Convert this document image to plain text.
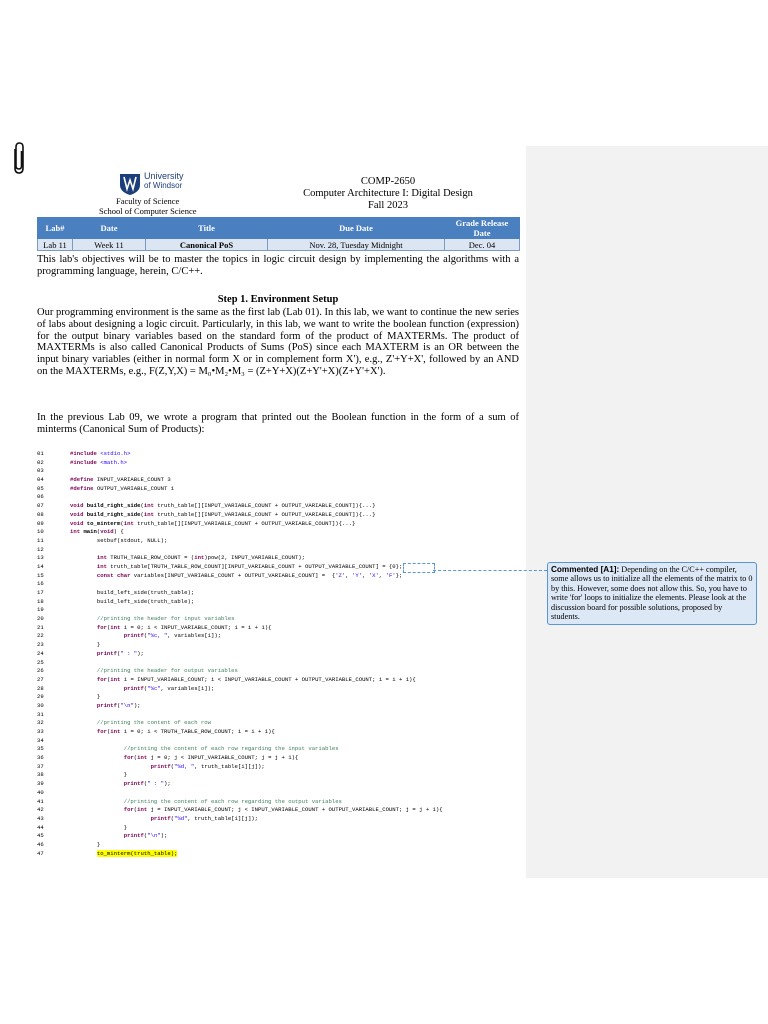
University
of Windsor
Faculty of Science
School of Computer Science
COMP-2650
Computer Architecture I: Digital Design
Fall 2023
Lab#	Date	Title	Due Date	Grade Release Date
Lab 11	Week 11	Canonical PoS	Nov. 28, Tuesday Midnight	Dec. 04

This lab's objectives will be to master the topics in logic circuit design by implementing the algorithms with a programming language, herein, C/C++.

Step 1. Environment Setup

Our programming environment is the same as the first lab (Lab 01). In this lab, we want to continue the new series of labs about designing a logic circuit. Particularly, in this lab, we want to write the boolean function (expression) for the output binary variables based on the standard form of the product of MAXTERMs. The product of MAXTERMs is also called Canonical Products of Sums (PoS) since each MAXTERM is an OR between the input binary variables (either in normal form X or in complement form X'), e.g., Z'+Y+X', followed by an AND on the MAXTERMs, e.g., F(Z,Y,X) = M₀•M₂•M₃ = (Z+Y+X)(Z+Y'+X)(Z+Y'+X').

In the previous Lab 09, we wrote a program that printed out the Boolean function in the form of a sum of minterms (Canonical Sum of Products):

01	#include <stdio.h>
02	#include <math.h>
03
04	#define INPUT_VARIABLE_COUNT 3
05	#define OUTPUT_VARIABLE_COUNT 1
06
07	void build_right_side(int truth_table[][INPUT_VARIABLE_COUNT + OUTPUT_VARIABLE_COUNT]){...}
08	void build_right_side(int truth_table[][INPUT_VARIABLE_COUNT + OUTPUT_VARIABLE_COUNT]){...}
09	void to_minterm(int truth_table[][INPUT_VARIABLE_COUNT + OUTPUT_VARIABLE_COUNT]){...}
10	int main(void) {
11	setbuf(stdout, NULL);
12
13	int TRUTH_TABLE_ROW_COUNT = (int)pow(2, INPUT_VARIABLE_COUNT);
14	int truth_table[TRUTH_TABLE_ROW_COUNT][INPUT_VARIABLE_COUNT + OUTPUT_VARIABLE_COUNT] = {0};
15	const char variables[INPUT_VARIABLE_COUNT + OUTPUT_VARIABLE_COUNT] =  {'Z', 'Y', 'X', 'F'};
16
17	build_left_side(truth_table);
18	build_left_side(truth_table);
19
20	//printing the header for input variables
21	for(int i = 0; i < INPUT_VARIABLE_COUNT; i = i + 1){
22	printf("%c, ", variables[i]);
23	}
24	printf(" : ");
25
26	//printing the header for output variables
27	for(int i = INPUT_VARIABLE_COUNT; i < INPUT_VARIABLE_COUNT + OUTPUT_VARIABLE_COUNT; i = i + 1){
28	printf("%c", variables[i]);
29	}
30	printf("\n");
31
32	//printing the content of each row
33	for(int i = 0; i < TRUTH_TABLE_ROW_COUNT; i = i + 1){
34
35	//printing the content of each row regarding the input variables
36	for(int j = 0; j < INPUT_VARIABLE_COUNT; j = j + 1){
37	printf("%d, ", truth_table[i][j]);
38	}
39	printf(" : ");
40
41	//printing the content of each row regarding the output variables
42	for(int j = INPUT_VARIABLE_COUNT; j < INPUT_VARIABLE_COUNT + OUTPUT_VARIABLE_COUNT; j = j + 1){
43	printf("%d", truth_table[i][j]);
44	}
45	printf("\n");
46	}
47	to_minterm(truth_table);
Commented [A1]: Depending on the C/C++ compiler, some allows us to initialize all the elements of the matrix to 0 by this. However, some does not allow this. So, you have to write 'for' loops to initialize the elements. Please look at the discussion board for possible solutions, proposed by students.
